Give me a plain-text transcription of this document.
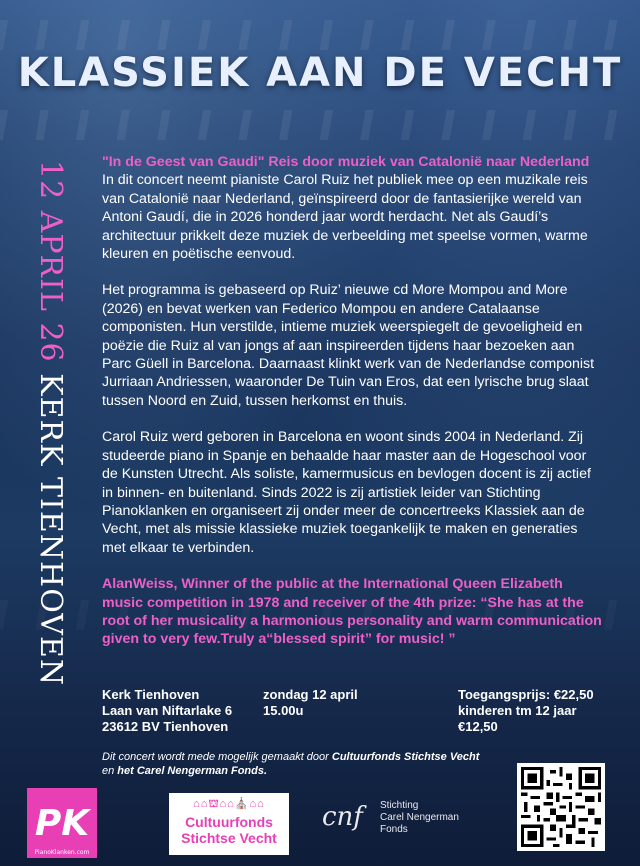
KLASSIEK AAN DE VECHT
12 APRIL 26 KERK TIENHOVEN

"In de Geest van Gaudi" Reis door muziek van Catalonië naar Nederland
In dit concert neemt pianiste Carol Ruiz het publiek mee op een muzikale reis van Catalonië naar Nederland, geïnspireerd door de fantasierijke wereld van Antoni Gaudí, die in 2026 honderd jaar wordt herdacht. Net als Gaudí’s architectuur prikkelt deze muziek de verbeelding met speelse vormen, warme kleuren en poëtische eenvoud.

Het programma is gebaseerd op Ruiz’ nieuwe cd More Mompou and More (2026) en bevat werken van Federico Mompou en andere Catalaanse componisten. Hun verstilde, intieme muziek weerspiegelt de gevoeligheid en poëzie die Ruiz al van jongs af aan inspireerden tijdens haar bezoeken aan Parc Güell in Barcelona. Daarnaast klinkt werk van de Nederlandse componist Jurriaan Andriessen, waaronder De Tuin van Eros, dat een lyrische brug slaat tussen Noord en Zuid, tussen herkomst en thuis.

Carol Ruiz werd geboren in Barcelona en woont sinds 2004 in Nederland. Zij studeerde piano in Spanje en behaalde haar master aan de Hogeschool voor de Kunsten Utrecht. Als soliste, kamermusicus en bevlogen docent is zij actief in binnen- en buitenland. Sinds 2022 is zij artistiek leider van Stichting Pianoklanken en organiseert zij onder meer de concertreeks Klassiek aan de Vecht, met als missie klassieke muziek toegankelijk te maken en generaties met elkaar te verbinden.

AlanWeiss, Winner of the public at the International Queen Elizabeth music competition in 1978 and receiver of the 4th prize: “She has at the root of her musicality a harmonious personality and warm communication given to very few.Truly a“blessed spirit” for music! ”

Kerk Tienhoven
Laan van Niftarlake 6
23612 BV Tienhoven
zondag 12 april
15.00u
Toegangsprijs: €22,50
kinderen tm 12 jaar
€12,50
Dit concert wordt mede mogelijk gemaakt door Cultuurfonds Stichtse Vecht
en het Carel Nengerman Fonds.
PK
PianoKlanken.com
⌂⌂⛫⌂⌂⛪⌂⌂
Cultuurfonds
Stichtse Vecht
cnf Stichting
Carel Nengerman
Fonds
